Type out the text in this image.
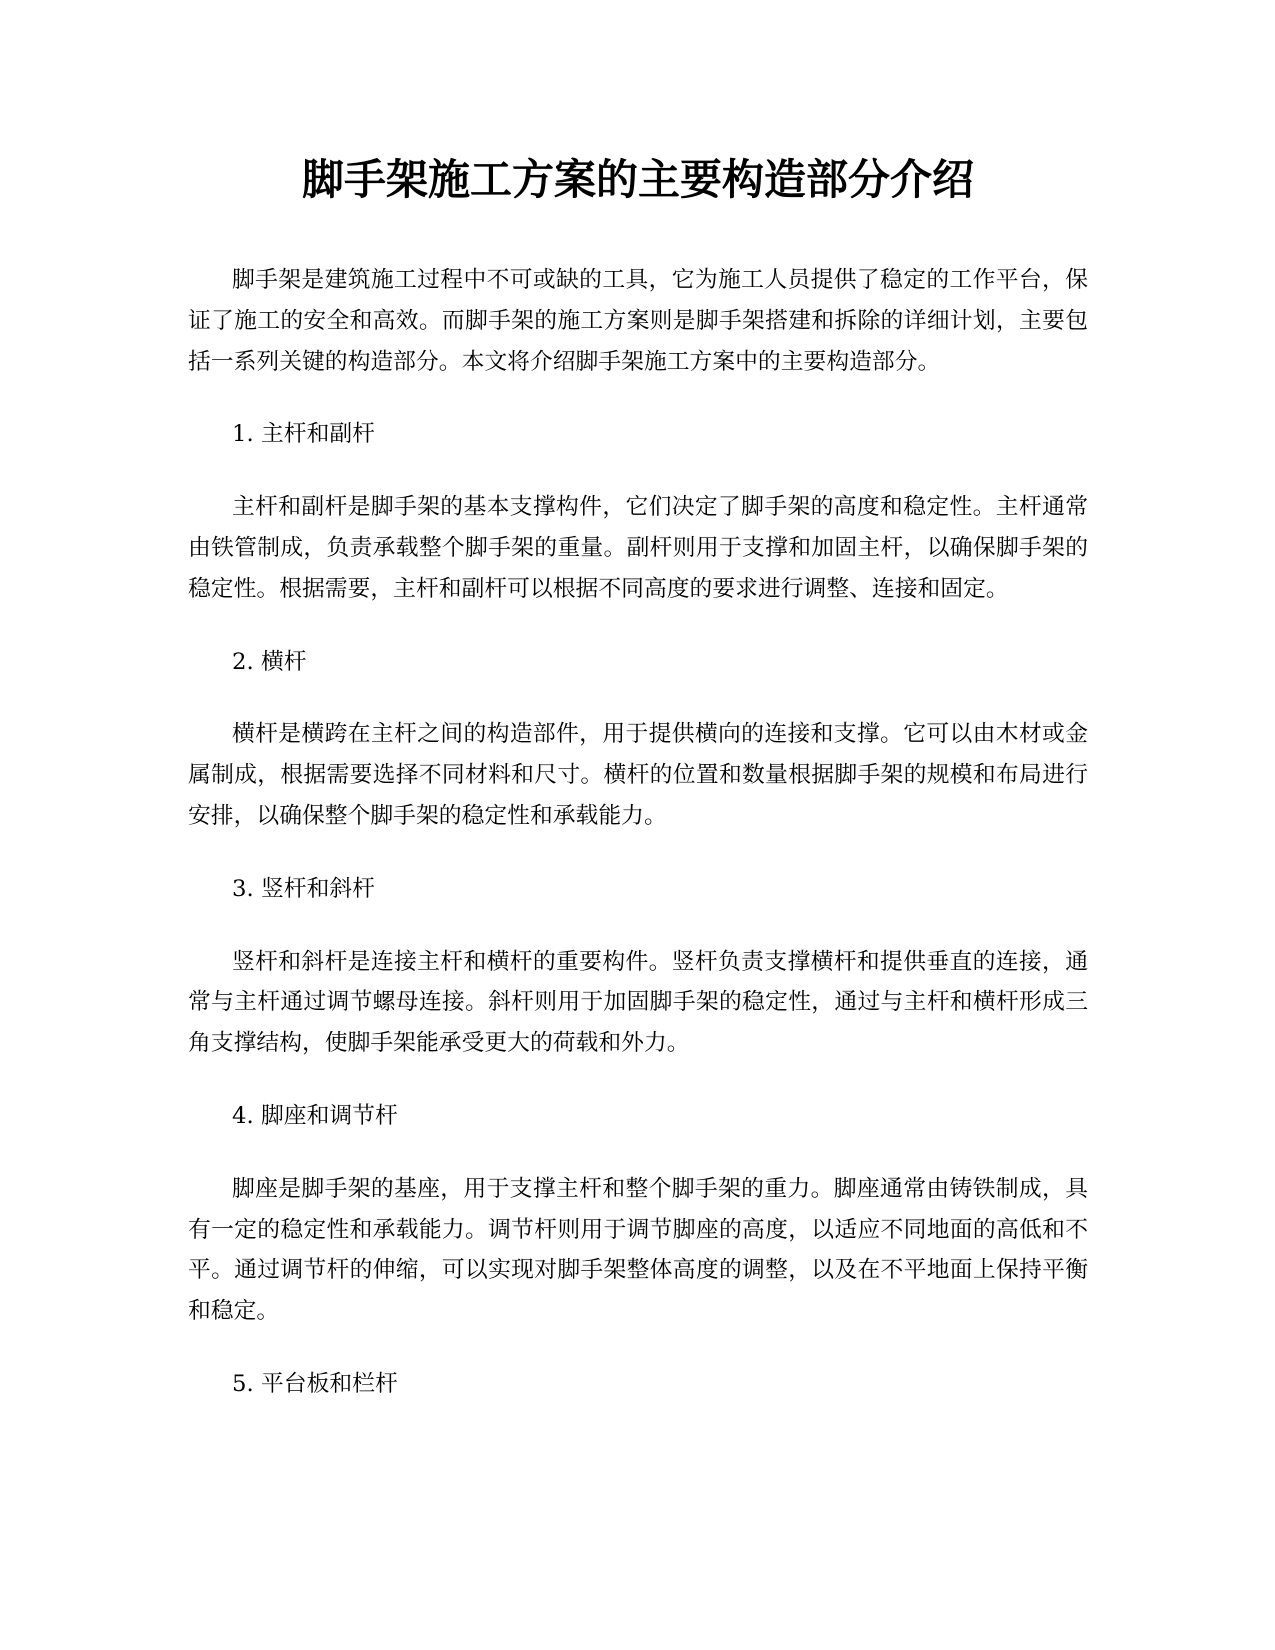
脚手架施工方案的主要构造部分介绍

脚手架是建筑施工过程中不可或缺的工具，它为施工人员提供了稳定的工作平台，保证了施工的安全和高效。而脚手架的施工方案则是脚手架搭建和拆除的详细计划，主要包括一系列关键的构造部分。本文将介绍脚手架施工方案中的主要构造部分。

1. 主杆和副杆

主杆和副杆是脚手架的基本支撑构件，它们决定了脚手架的高度和稳定性。主杆通常由铁管制成，负责承载整个脚手架的重量。副杆则用于支撑和加固主杆，以确保脚手架的稳定性。根据需要，主杆和副杆可以根据不同高度的要求进行调整、连接和固定。

2. 横杆

横杆是横跨在主杆之间的构造部件，用于提供横向的连接和支撑。它可以由木材或金属制成，根据需要选择不同材料和尺寸。横杆的位置和数量根据脚手架的规模和布局进行安排，以确保整个脚手架的稳定性和承载能力。

3. 竖杆和斜杆

竖杆和斜杆是连接主杆和横杆的重要构件。竖杆负责支撑横杆和提供垂直的连接，通常与主杆通过调节螺母连接。斜杆则用于加固脚手架的稳定性，通过与主杆和横杆形成三角支撑结构，使脚手架能承受更大的荷载和外力。

4. 脚座和调节杆

脚座是脚手架的基座，用于支撑主杆和整个脚手架的重力。脚座通常由铸铁制成，具有一定的稳定性和承载能力。调节杆则用于调节脚座的高度，以适应不同地面的高低和不平。通过调节杆的伸缩，可以实现对脚手架整体高度的调整，以及在不平地面上保持平衡和稳定。

5. 平台板和栏杆
